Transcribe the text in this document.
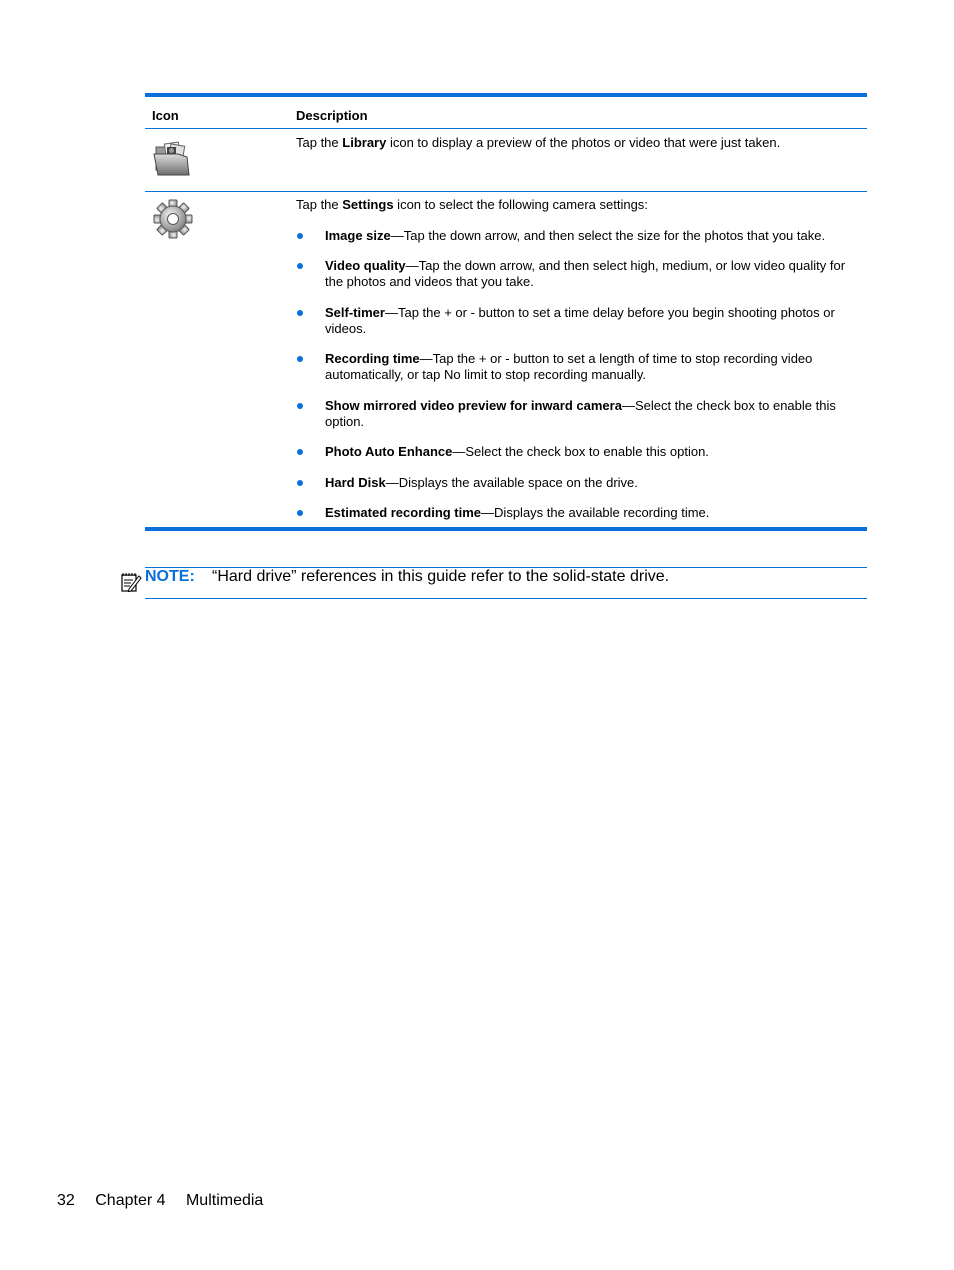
Icon	Description
Tap the Library icon to display a preview of the photos or video that were just taken.
Tap the Settings icon to select the following camera settings:
Image size—Tap the down arrow, and then select the size for the photos that you take.
Video quality—Tap the down arrow, and then select high, medium, or low video quality for the photos and videos that you take.
Self-timer—Tap the + or - button to set a time delay before you begin shooting photos or videos.
Recording time—Tap the + or - button to set a length of time to stop recording video automatically, or tap No limit to stop recording manually.
Show mirrored video preview for inward camera—Select the check box to enable this option.
Photo Auto Enhance—Select the check box to enable this option.
Hard Disk—Displays the available space on the drive.
Estimated recording time—Displays the available recording time.
NOTE: “Hard drive” references in this guide refer to the solid-state drive.
32 Chapter 4 Multimedia
